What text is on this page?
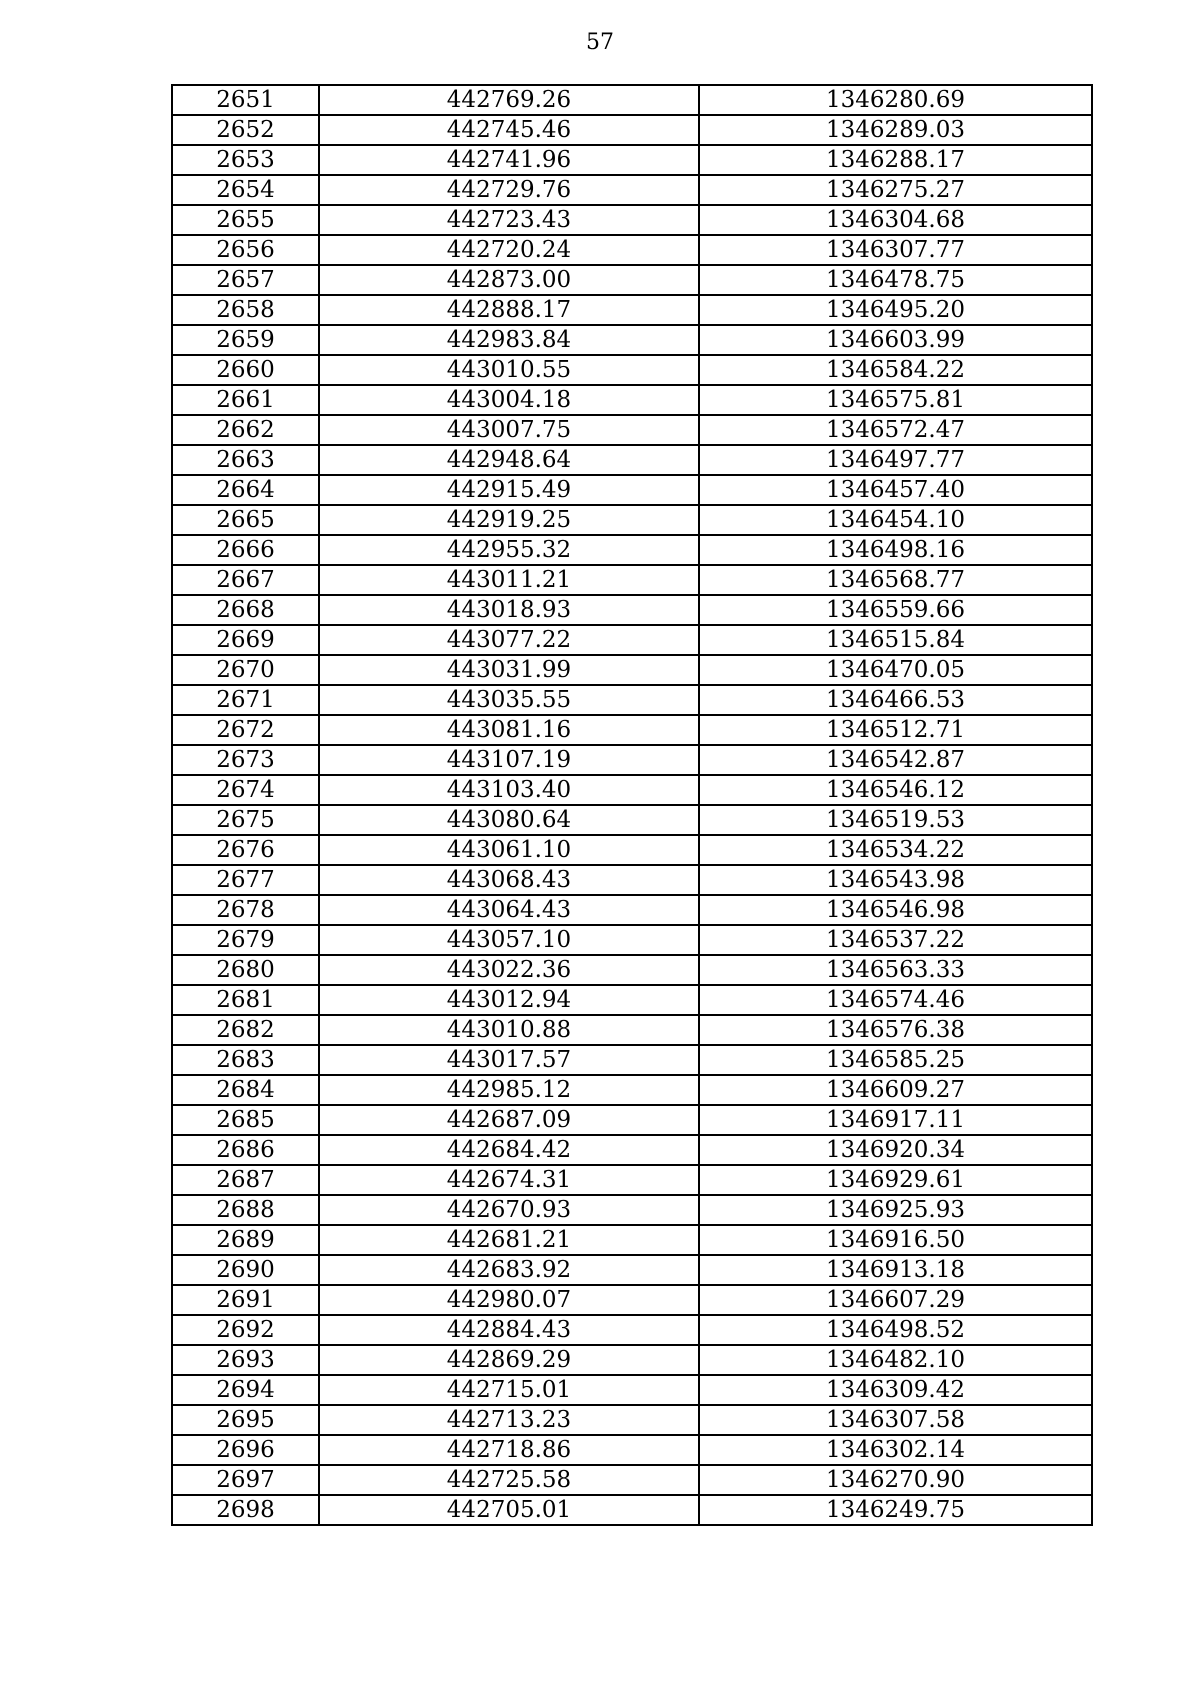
57
2651	442769.26	1346280.69
2652	442745.46	1346289.03
2653	442741.96	1346288.17
2654	442729.76	1346275.27
2655	442723.43	1346304.68
2656	442720.24	1346307.77
2657	442873.00	1346478.75
2658	442888.17	1346495.20
2659	442983.84	1346603.99
2660	443010.55	1346584.22
2661	443004.18	1346575.81
2662	443007.75	1346572.47
2663	442948.64	1346497.77
2664	442915.49	1346457.40
2665	442919.25	1346454.10
2666	442955.32	1346498.16
2667	443011.21	1346568.77
2668	443018.93	1346559.66
2669	443077.22	1346515.84
2670	443031.99	1346470.05
2671	443035.55	1346466.53
2672	443081.16	1346512.71
2673	443107.19	1346542.87
2674	443103.40	1346546.12
2675	443080.64	1346519.53
2676	443061.10	1346534.22
2677	443068.43	1346543.98
2678	443064.43	1346546.98
2679	443057.10	1346537.22
2680	443022.36	1346563.33
2681	443012.94	1346574.46
2682	443010.88	1346576.38
2683	443017.57	1346585.25
2684	442985.12	1346609.27
2685	442687.09	1346917.11
2686	442684.42	1346920.34
2687	442674.31	1346929.61
2688	442670.93	1346925.93
2689	442681.21	1346916.50
2690	442683.92	1346913.18
2691	442980.07	1346607.29
2692	442884.43	1346498.52
2693	442869.29	1346482.10
2694	442715.01	1346309.42
2695	442713.23	1346307.58
2696	442718.86	1346302.14
2697	442725.58	1346270.90
2698	442705.01	1346249.75
